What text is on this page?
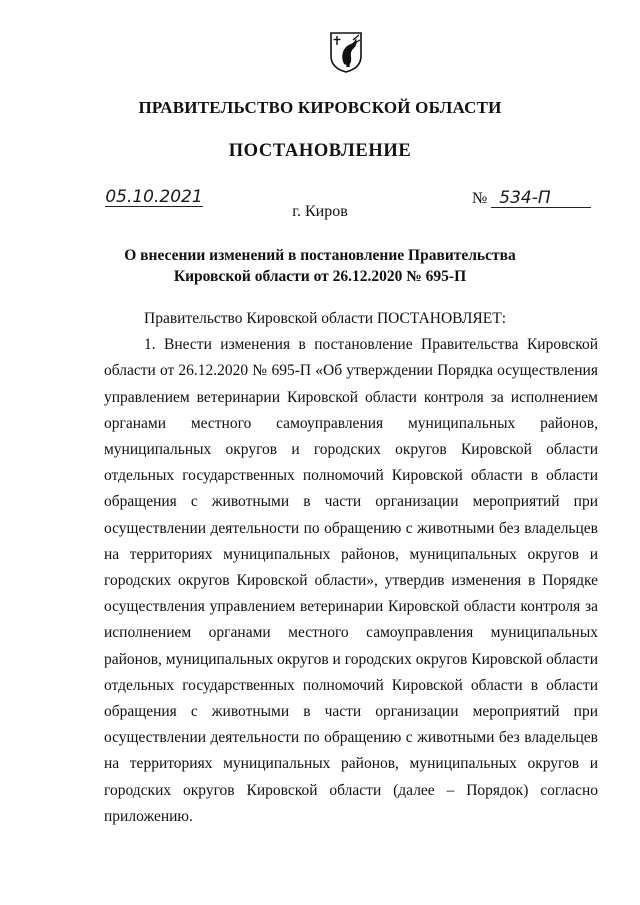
ПРАВИТЕЛЬСТВО КИРОВСКОЙ ОБЛАСТИ
ПОСТАНОВЛЕНИЕ
05.10.2021	№ 534-П
г. Киров
О внесении изменений в постановление Правительства
Кировской области от 26.12.2020 № 695-П

Правительство Кировской области ПОСТАНОВЛЯЕТ:

1. Внести изменения в постановление Правительства Кировской области от 26.12.2020 № 695-П «Об утверждении Порядка осуществления управлением ветеринарии Кировской области контроля за исполнением органами местного самоуправления муниципальных районов, муниципальных округов и городских округов Кировской области отдельных государственных полномочий Кировской области в области обращения с животными в части организации мероприятий при осуществлении деятельности по обращению с животными без владельцев на территориях муниципальных районов, муниципальных округов и городских округов Кировской области», утвердив изменения в Порядке осуществления управлением ветеринарии Кировской области контроля за исполнением органами местного самоуправления муниципальных районов, муниципальных округов и городских округов Кировской области отдельных государственных полномочий Кировской области в области обращения с животными в части организации мероприятий при осуществлении деятельности по обращению с животными без владельцев на территориях муниципальных районов, муниципальных округов и городских округов Кировской области (далее – Порядок) согласно приложению.
